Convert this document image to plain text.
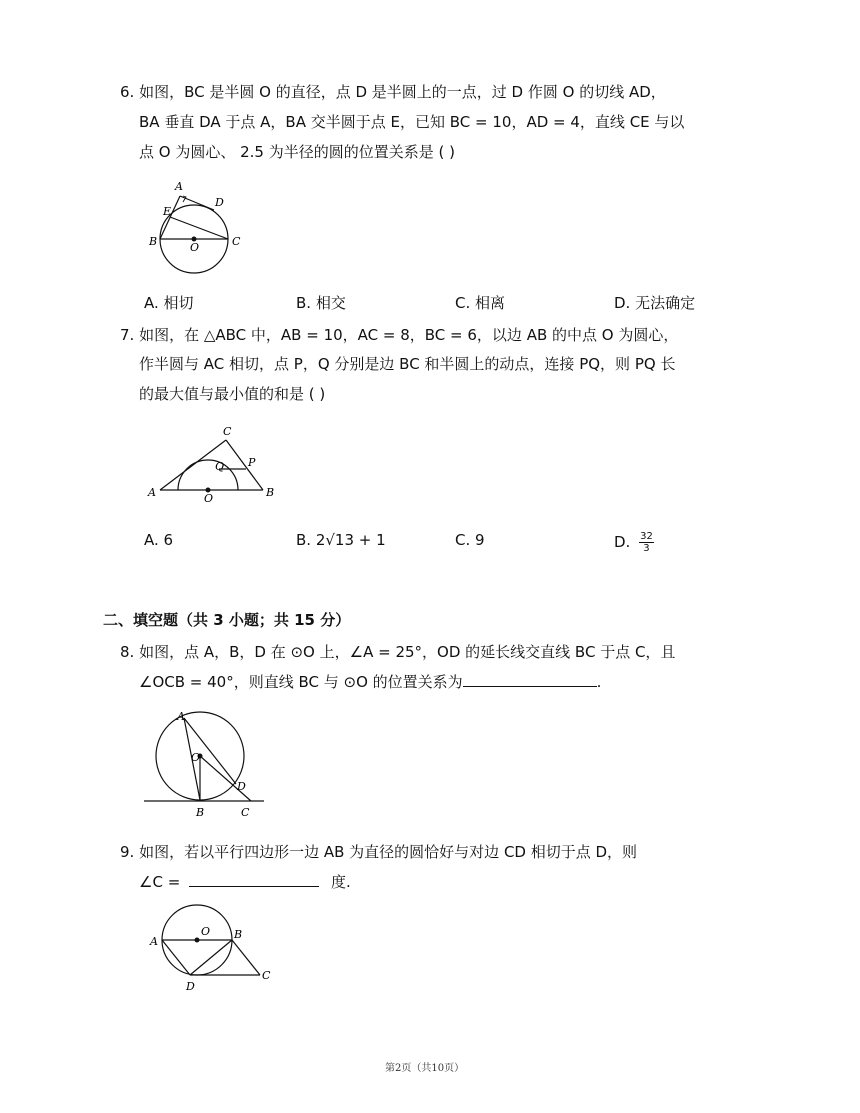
6. 如图，BC 是半圆 O 的直径，点 D 是半圆上的一点，过 D 作圆 O 的切线 AD，
BA 垂直 DA 于点 A，BA 交半圆于点 E，已知 BC = 10，AD = 4，直线 CE 与以
点 O 为圆心、 2.5 为半径的圆的位置关系是 ( )
A
D
E
B	O	C
A. 相切	B. 相交	C. 相离	D. 无法确定
7. 如图，在 △ABC 中，AB = 10，AC = 8，BC = 6，以边 AB 的中点 O 为圆心，
作半圆与 AC 相切，点 P，Q 分别是边 BC 和半圆上的动点，连接 PQ，则 PQ 长
的最大值与最小值的和是 ( )
C
P
Q
A	O	B
A. 6	B. 2√13 + 1	C. 9	D. $\frac{32}{3}$
二、填空题（共 3 小题；共 15 分）
8. 如图，点 A，B，D 在 ⊙O 上，∠A = 25°，OD 的延长线交直线 BC 于点 C，且
∠OCB = 40°，则直线 BC 与 ⊙O 的位置关系为	.
A
O
D
B	C
9. 如图，若以平行四边形一边 AB 为直径的圆恰好与对边 CD 相切于点 D，则
∠C =	度.
A
O B
D
C
第2页（共10页）
